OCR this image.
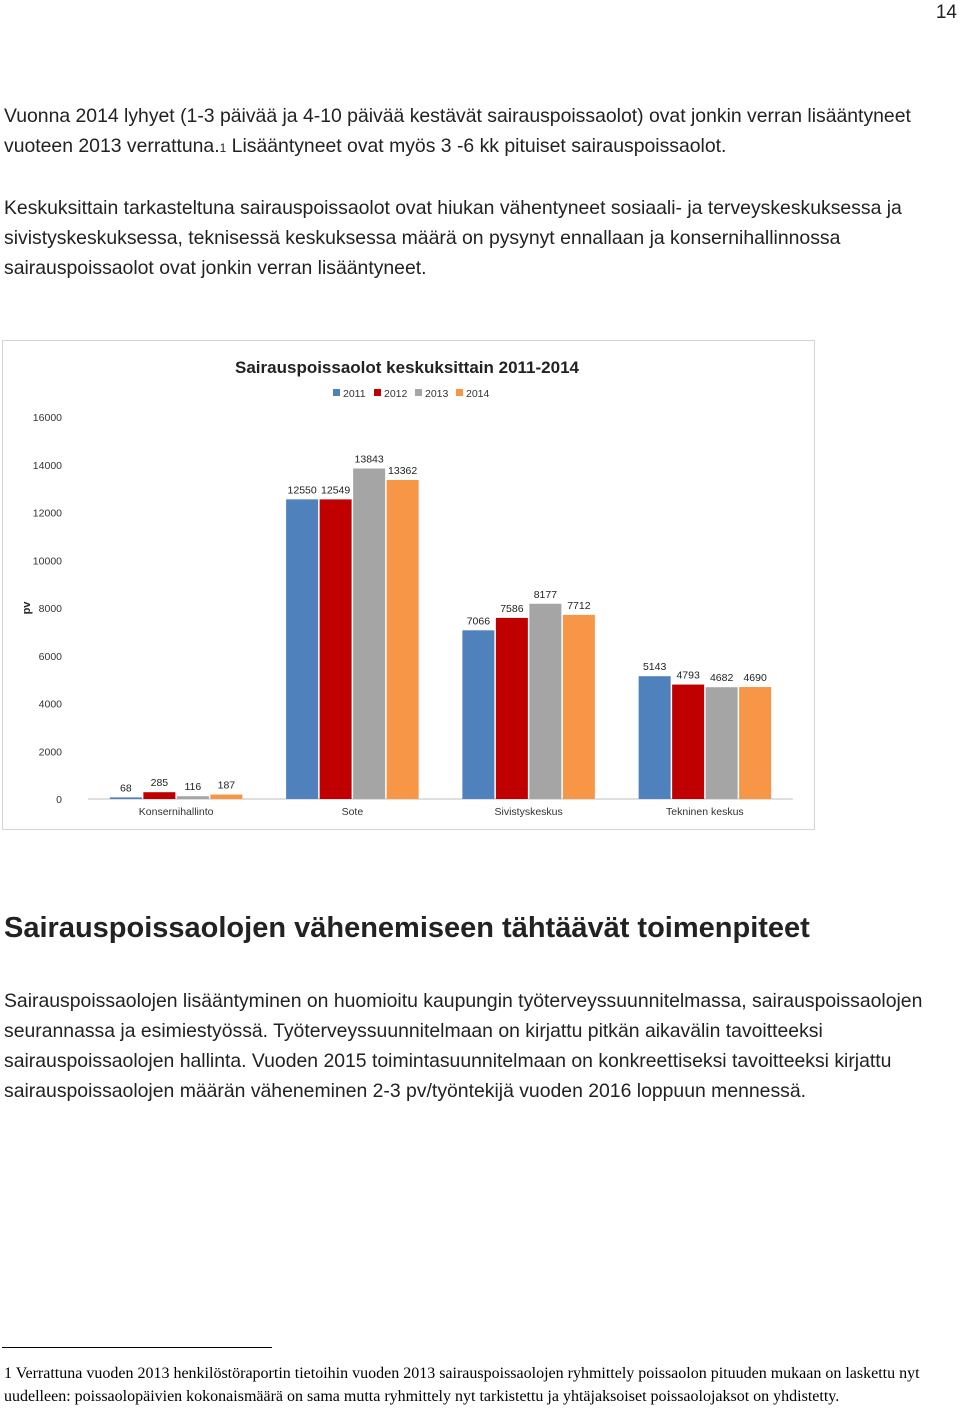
14

Vuonna 2014 lyhyet (1-3 päivää ja 4-10 päivää kestävät sairauspoissaolot) ovat jonkin verran lisääntyneet vuoteen 2013 verrattuna.1 Lisääntyneet ovat myös 3 -6 kk pituiset sairauspoissaolot.

Keskuksittain tarkasteltuna sairauspoissaolot ovat hiukan vähentyneet sosiaali- ja terveyskeskuksessa ja sivistyskeskuksessa, teknisessä keskuksessa määrä on pysynyt ennallaan ja konsernihallinnossa sairauspoissaolot ovat jonkin verran lisääntyneet.

Sairauspoissaolot keskuksittain 2011-2014
2011 2012 2013 2014
0
2000
4000
6000
8000
10000
12000
14000
16000
pv
68 285 116 187
12550 12549
13843
13362
7066
7586
8177
7712
5143
4793 4682 4690
Konsernihallinto	Sote	Sivistyskeskus	Tekninen keskus
Sairauspoissaolojen vähenemiseen tähtäävät toimenpiteet

Sairauspoissaolojen lisääntyminen on huomioitu kaupungin työterveyssuunnitelmassa, sairauspoissaolojen seurannassa ja esimiestyössä. Työterveyssuunnitelmaan on kirjattu pitkän aikavälin tavoitteeksi sairauspoissaolojen hallinta. Vuoden 2015 toimintasuunnitelmaan on konkreettiseksi tavoitteeksi kirjattu sairauspoissaolojen määrän väheneminen 2-3 pv/työntekijä vuoden 2016 loppuun mennessä.

1 Verrattuna vuoden 2013 henkilöstöraportin tietoihin vuoden 2013 sairauspoissaolojen ryhmittely poissaolon pituuden mukaan on laskettu nyt uudelleen: poissaolopäivien kokonaismäärä on sama mutta ryhmittely nyt tarkistettu ja yhtäjaksoiset poissaolojaksot on yhdistetty.
